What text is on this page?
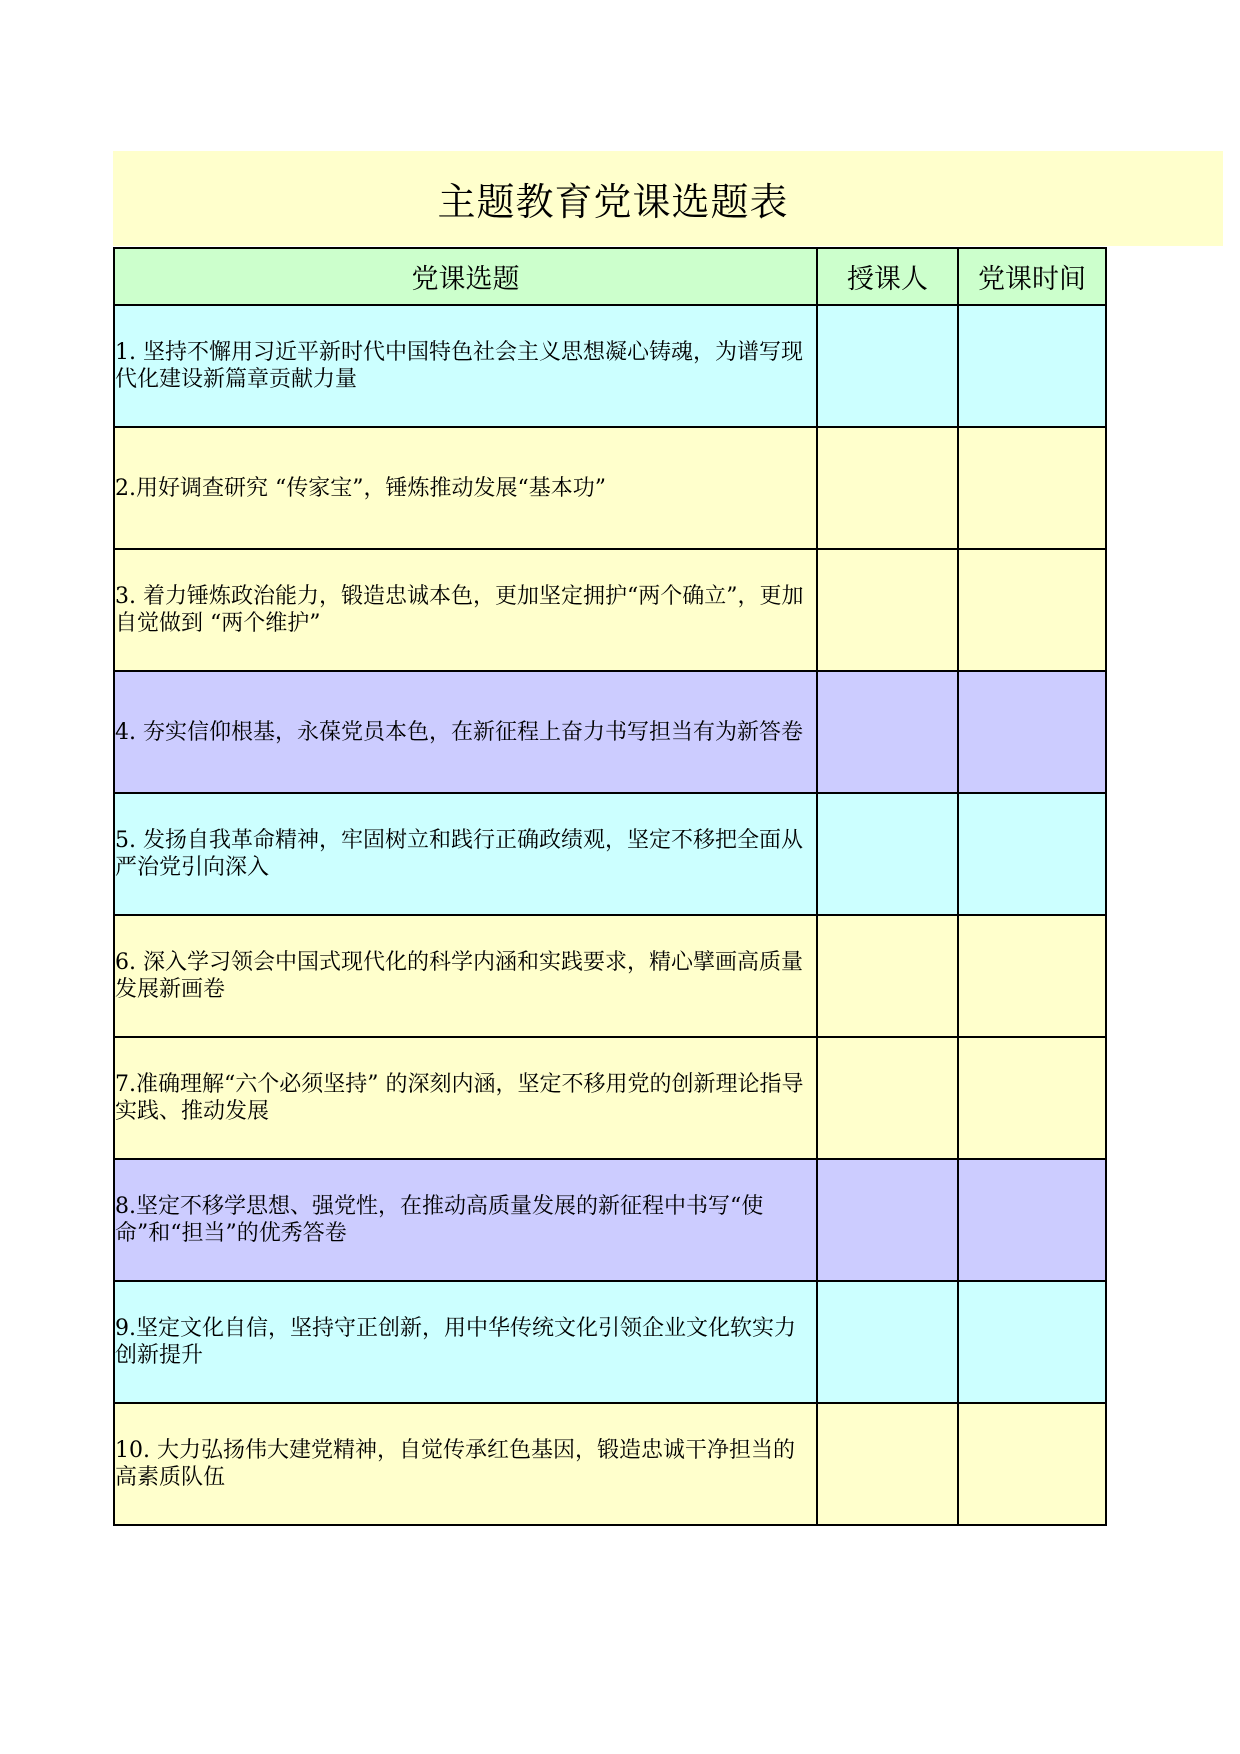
主题教育党课选题表
党课选题	授课人	党课时间
1. 坚持不懈用习近平新时代中国特色社会主义思想凝心铸魂，为谱写现代化建设新篇章贡献力量		
2.用好调查研究 “传家宝”，锤炼推动发展“基本功”		
3. 着力锤炼政治能力，锻造忠诚本色，更加坚定拥护“两个确立”，更加自觉做到 “两个维护”		
4. 夯实信仰根基，永葆党员本色，在新征程上奋力书写担当有为新答卷		
5. 发扬自我革命精神，牢固树立和践行正确政绩观，坚定不移把全面从严治党引向深入		
6. 深入学习领会中国式现代化的科学内涵和实践要求，精心擘画高质量发展新画卷		
7.准确理解“六个必须坚持” 的深刻内涵，坚定不移用党的创新理论指导实践、推动发展		
8.坚定不移学思想、强党性，在推动高质量发展的新征程中书写“使命”和“担当”的优秀答卷		
9.坚定文化自信，坚持守正创新，用中华传统文化引领企业文化软实力创新提升		
10. 大力弘扬伟大建党精神，自觉传承红色基因，锻造忠诚干净担当的高素质队伍		
